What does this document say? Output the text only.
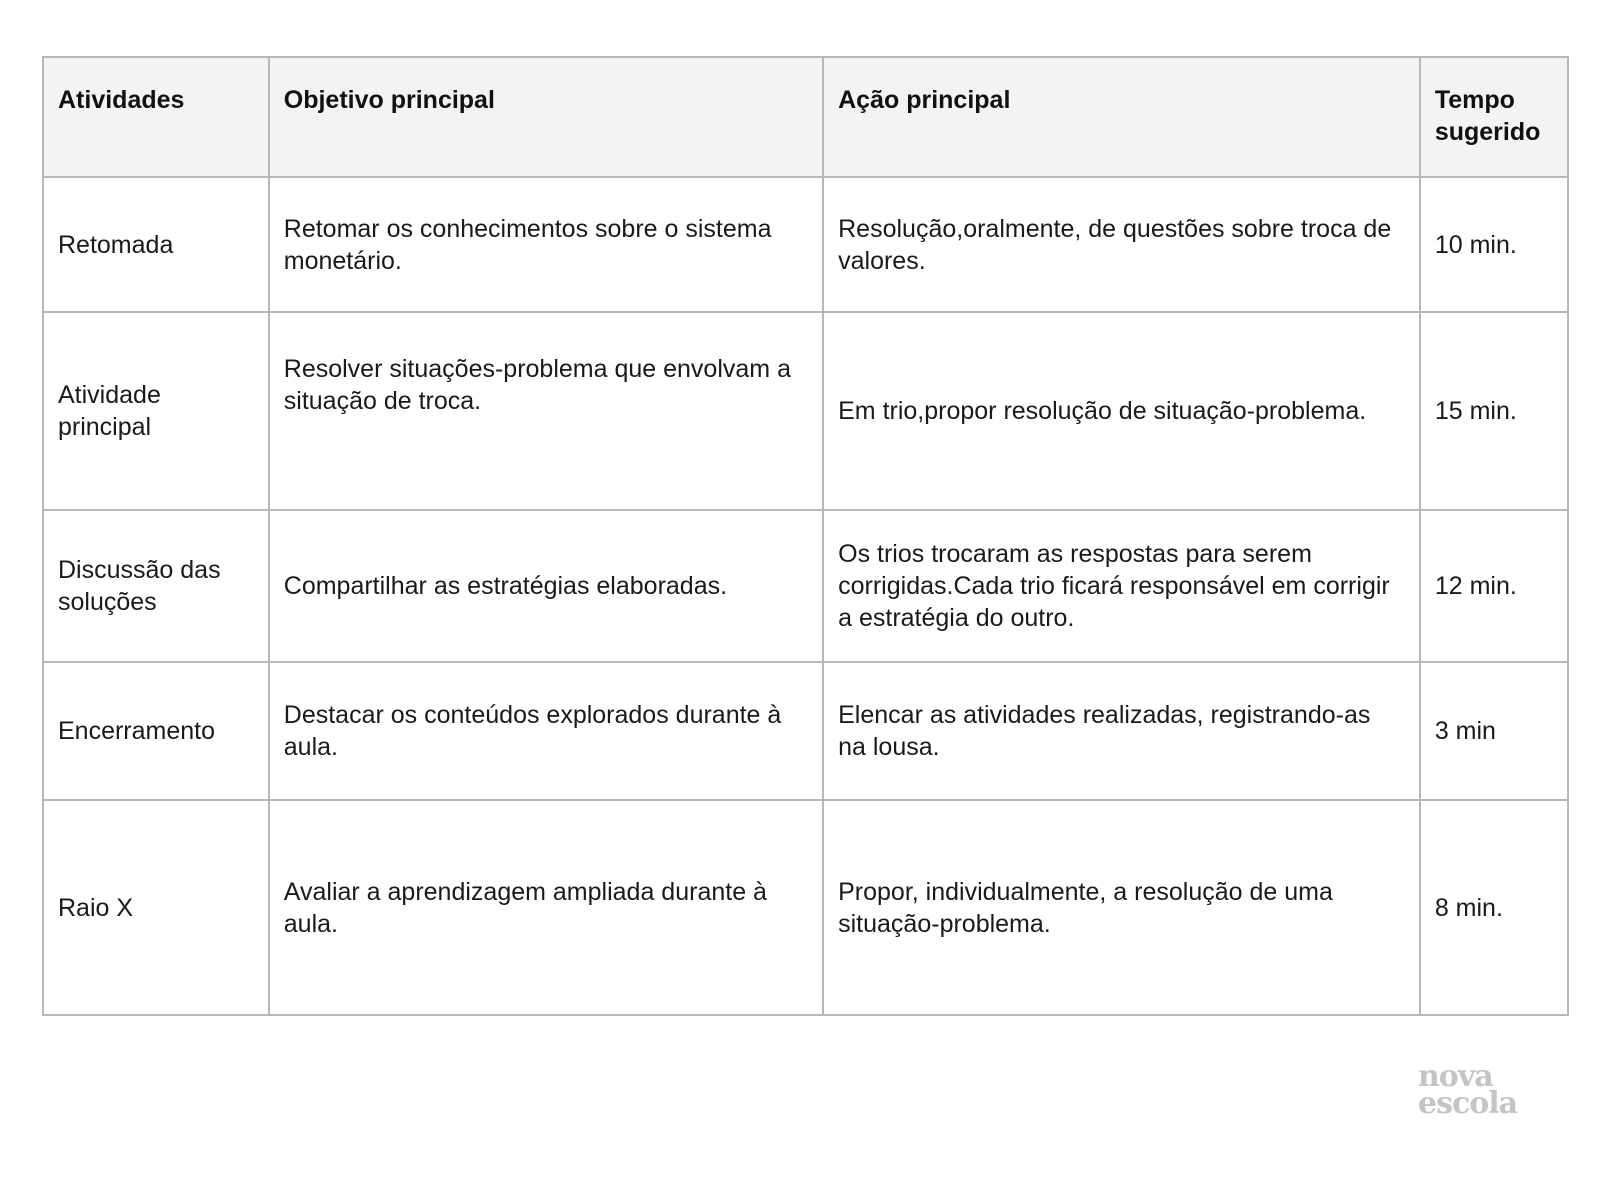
Atividades	Objetivo principal	Ação principal	Tempo sugerido
Retomada	Retomar os conhecimentos sobre o sistema monetário.	Resolução,oralmente, de questões sobre troca de valores.	10 min.
Atividade principal	Resolver situações-problema que envolvam a situação de troca.	Em trio,propor resolução de situação-problema.	15 min.
Discussão das soluções	Compartilhar as estratégias elaboradas.	Os trios trocaram as respostas para serem corrigidas.Cada trio ficará responsável em corrigir a estratégia do outro.	12 min.
Encerramento	Destacar os conteúdos explorados durante à aula.	Elencar as atividades realizadas, registrando-as na lousa.	3 min
Raio X	Avaliar a aprendizagem ampliada durante à aula.	Propor, individualmente, a resolução de uma situação-problema.	8 min.
nova
escola
